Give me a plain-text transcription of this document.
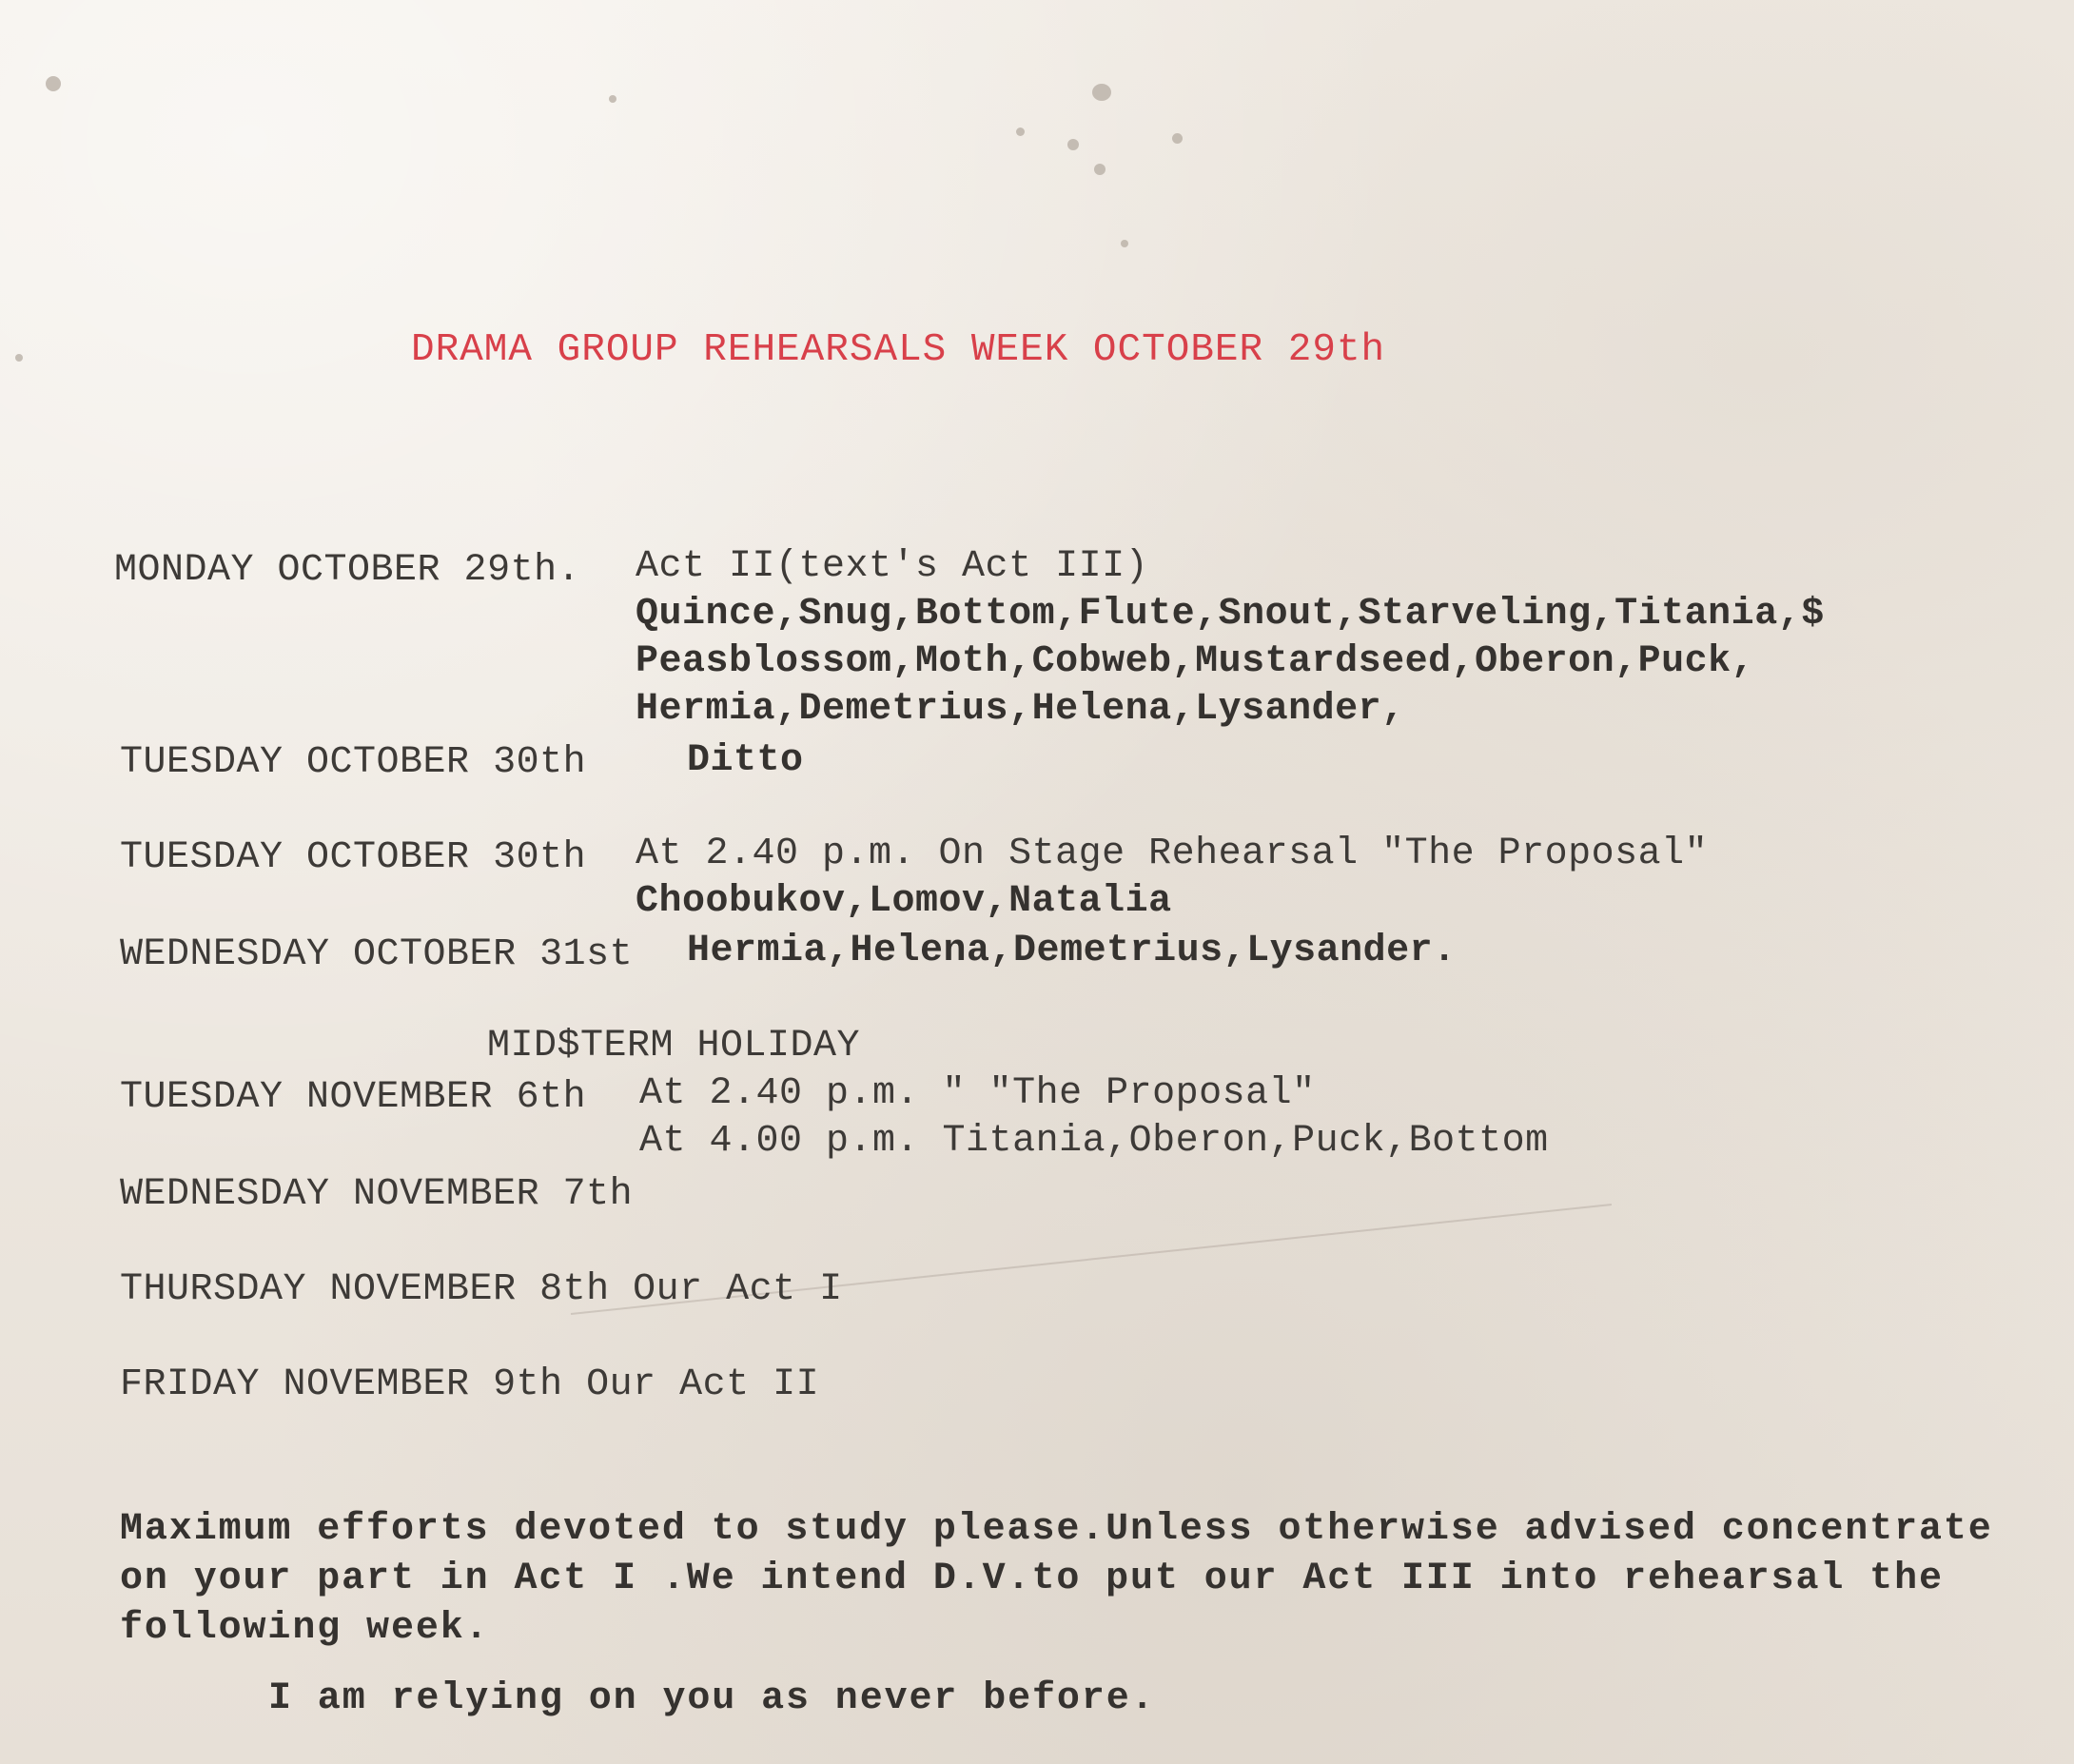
DRAMA GROUP REHEARSALS WEEK OCTOBER 29th
MONDAY OCTOBER 29th. Act II(text's Act III)
Quince,Snug,Bottom,Flute,Snout,Starveling,Titania,$
Peasblossom,Moth,Cobweb,Mustardseed,Oberon,Puck,
Hermia,Demetrius,Helena,Lysander,
TUESDAY OCTOBER 30th	Ditto
TUESDAY OCTOBER 30th At 2.40 p.m. On Stage Rehearsal "The Proposal"
Choobukov,Lomov,Natalia
WEDNESDAY OCTOBER 31st Hermia,Helena,Demetrius,Lysander.
MID$TERM HOLIDAY
TUESDAY NOVEMBER 6th At 2.40 p.m. " "The Proposal"
At 4.00 p.m. Titania,Oberon,Puck,Bottom
WEDNESDAY NOVEMBER 7th
THURSDAY NOVEMBER 8th Our Act I
FRIDAY NOVEMBER 9th Our Act II
Maximum efforts devoted to study please.Unless otherwise advised concentrate
on your part in Act I .We intend D.V.to put our Act III into rehearsal the
following week.
I am relying on you as never before.
